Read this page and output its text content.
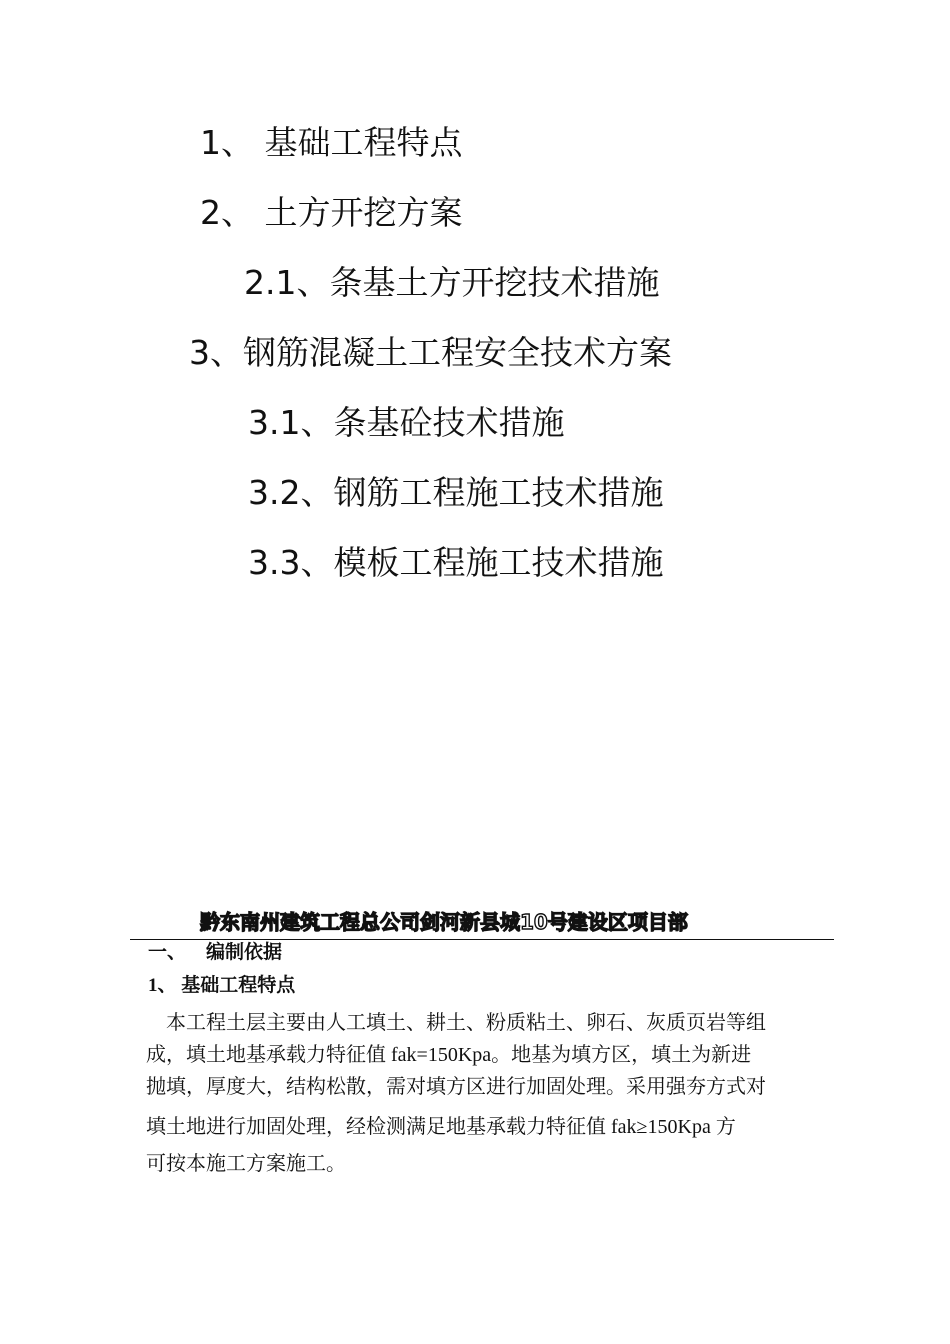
1、 基础工程特点
2、 土方开挖方案
2.1、条基土方开挖技术措施
3、钢筋混凝土工程安全技术方案
3.1、条基砼技术措施
3.2、钢筋工程施工技术措施
3.3、模板工程施工技术措施
黔东南州建筑工程总公司剑河新县城10号建设区项目部
一、 编制依据
1、 基础工程特点
本工程土层主要由人工填土、耕土、粉质粘土、卵石、灰质页岩等组
成，填土地基承载力特征值 fak=150Kpa。地基为填方区，填土为新进
抛填，厚度大，结构松散，需对填方区进行加固处理。采用强夯方式对
填土地进行加固处理，经检测满足地基承载力特征值 fak≥150Kpa 方
可按本施工方案施工。
